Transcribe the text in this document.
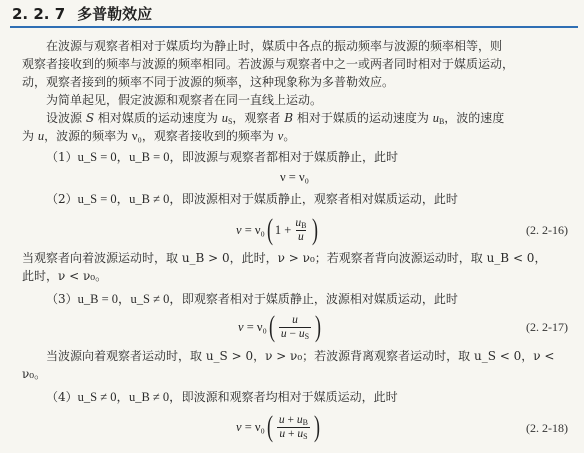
2. 2. 7 多普勒效应
在波源与观察者相对于媒质均为静止时，媒质中各点的振动频率与波源的频率相等，则
观察者接收到的频率与波源的频率相同。若波源与观察者中之一或两者同时相对于媒质运动，
动，观察者接到的频率不同于波源的频率，这种现象称为多普勒效应。
为简单起见，假定波源和观察者在同一直线上运动。
设波源 S 相对媒质的运动速度为 $u_S$，观察者 B 相对于媒质的运动速度为 $u_B$，波的速度
为 u，波源的频率为 ν₀，观察者接收到的频率为 ν。
（1）u_S = 0，u_B = 0，即波源与观察者都相对于媒质静止，此时
ν = ν₀
（2）u_S = 0，u_B ≠ 0，即波源相对于媒质静止，观察者相对媒质运动，此时
ν
=
ν₀ ( 1
+ $\frac{u_B}{u}$ )	(2. 2-16)
当观察者向着波源运动时，取 u_B > 0，此时，ν > ν₀；若观察者背向波源运动时，取 u_B < 0，
此时，ν < ν₀。
（3）u_B = 0，u_S ≠ 0，即观察者相对于媒质静止，波源相对媒质运动，此时
ν
=
ν₀ ( $\frac{u}{u - u_S}$ )	(2. 2-17)
当波源向着观察者运动时，取 u_S > 0，ν > ν₀；若波源背离观察者运动时，取 u_S < 0，ν <
ν₀。
（4）u_S ≠ 0，u_B ≠ 0，即波源和观察者均相对于媒质运动，此时
ν
=
ν₀ ( $\frac{u + u_B}{u + u_S}$ )	(2. 2-18)
